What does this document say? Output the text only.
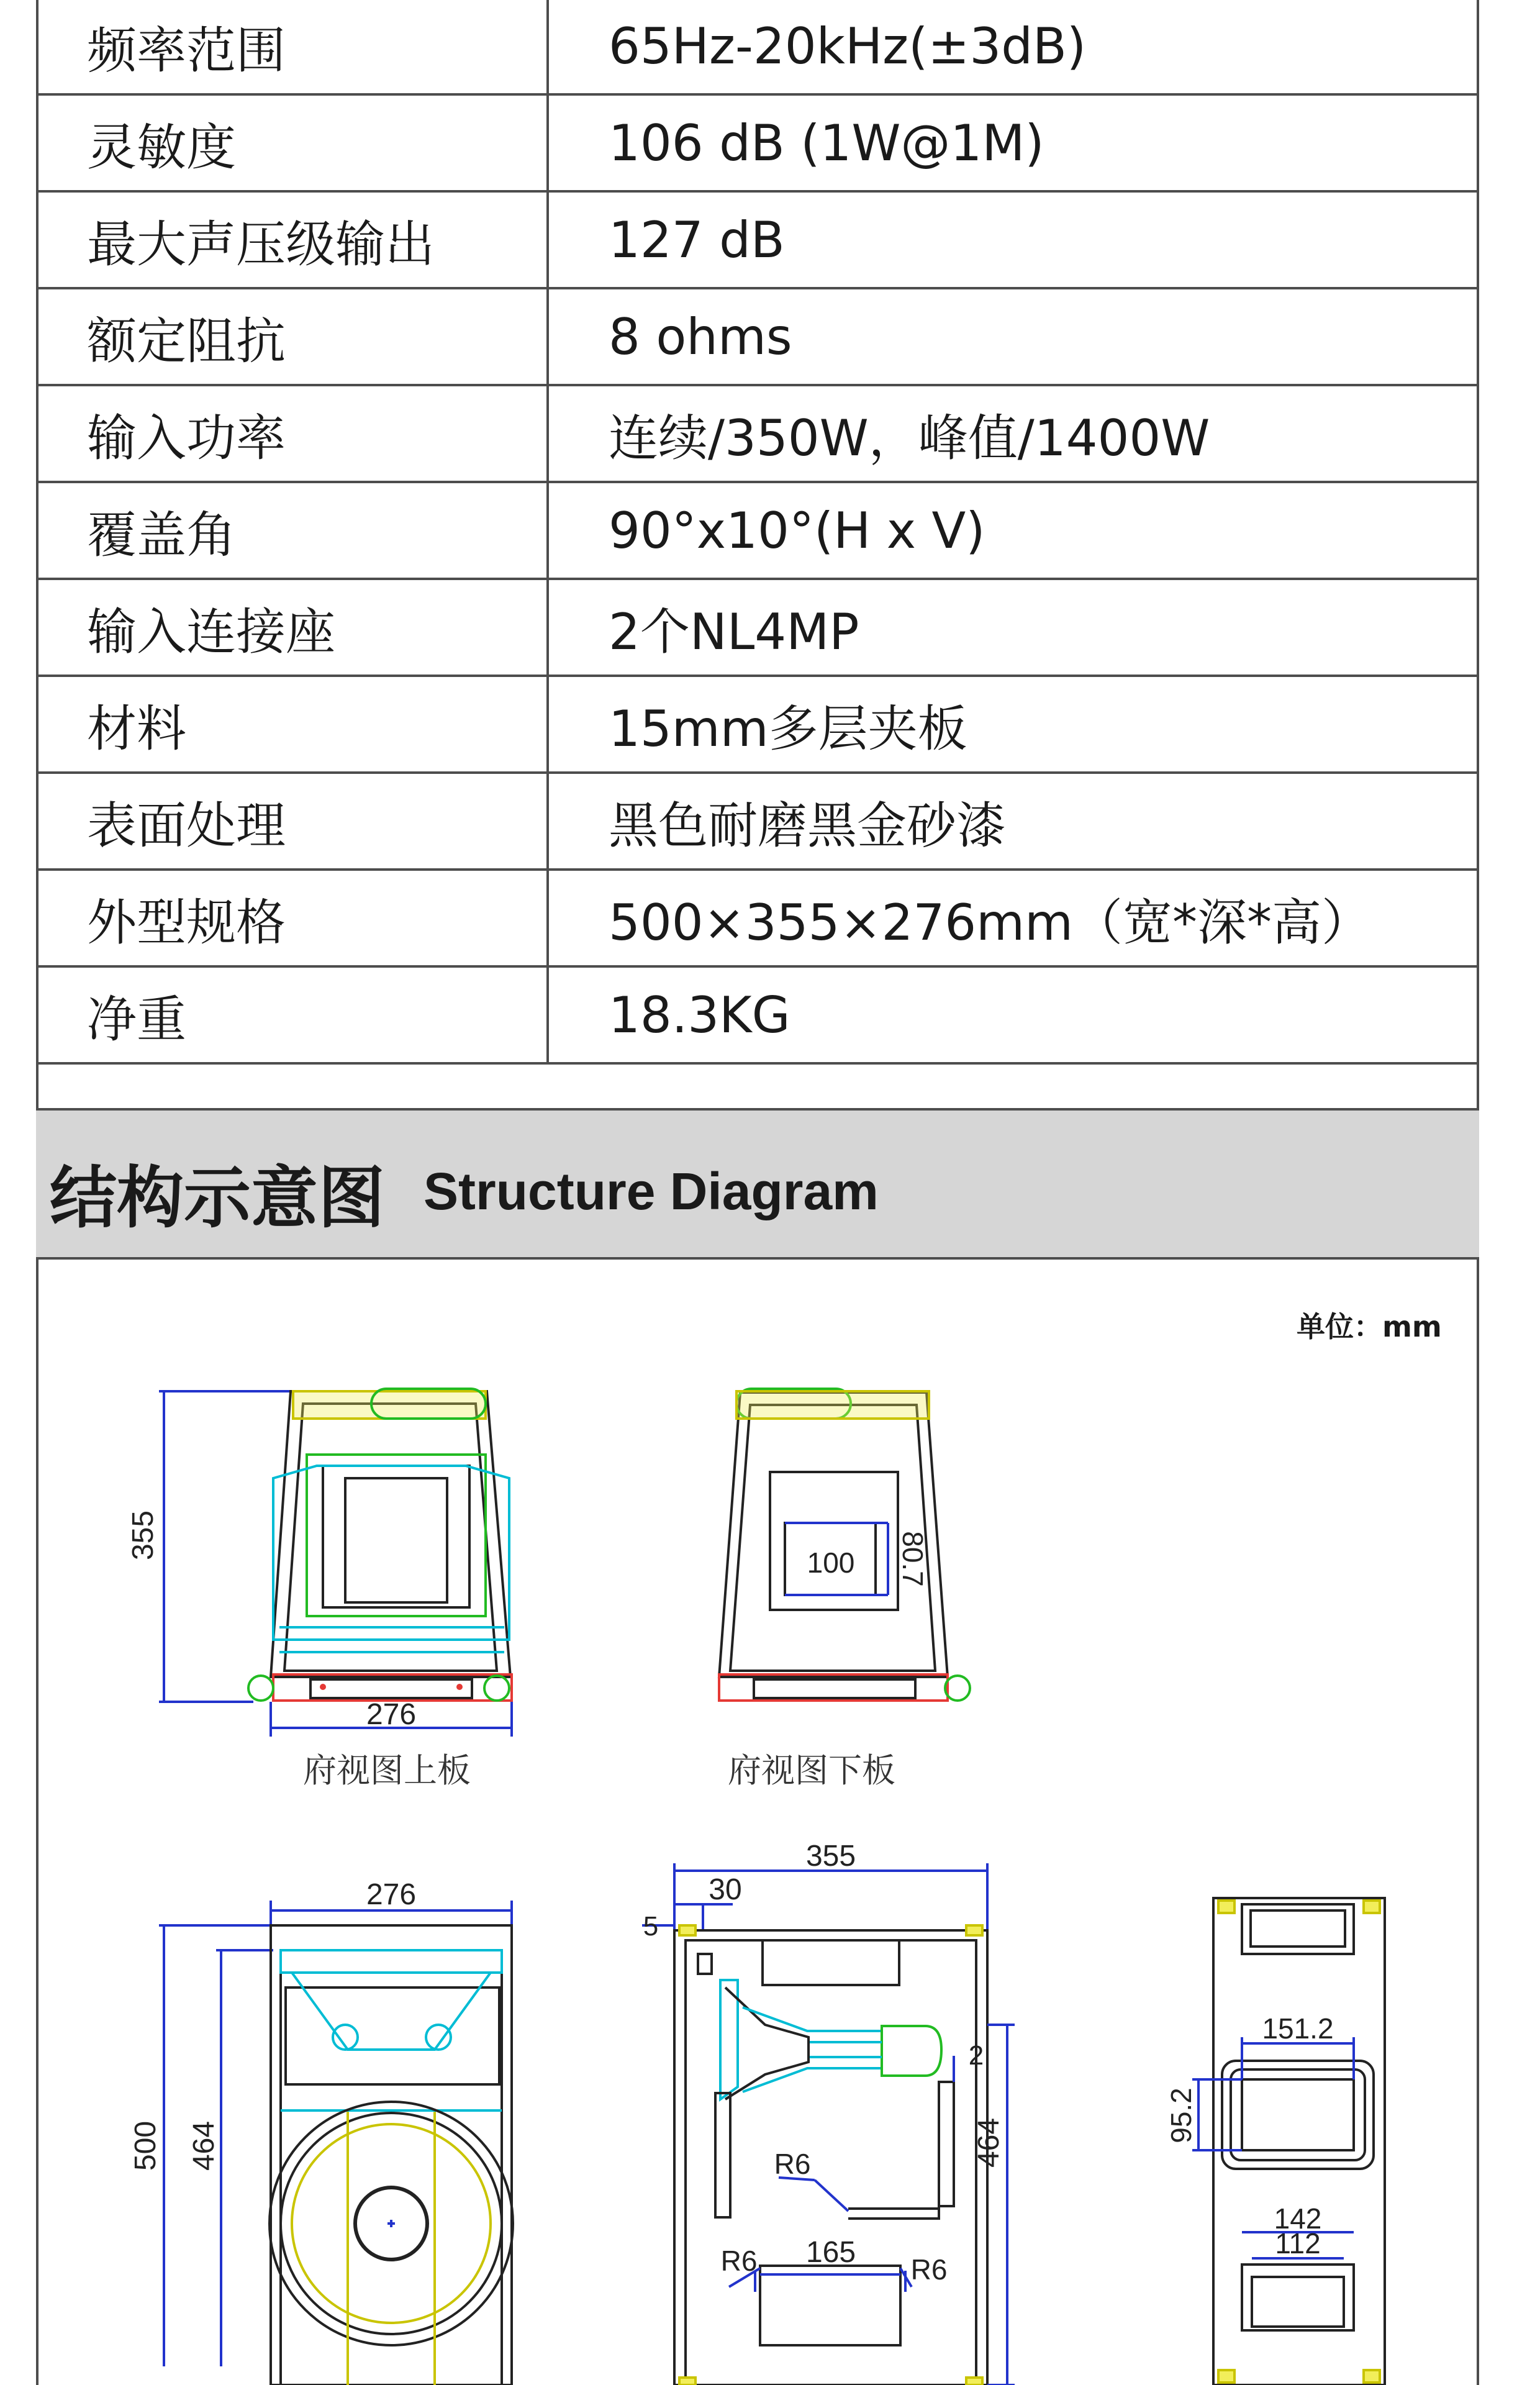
频率范围	65Hz-20kHz(±3dB)
灵敏度	106 dB (1W@1M)
最大声压级输出	127 dB
额定阻抗	8 ohms
输入功率	连续/350W，峰值/1400W
覆盖角	90°x10°(H x V)
输入连接座	2个NL4MP
材料	15mm多层夹板
表面处理	黑色耐磨黑金砂漆
外型规格	500×355×276mm（宽*深*高）
净重	18.3KG
结构示意图 Structure Diagram
单位：mm
355
276
100 80.7
276
500 464
355
30
5
2
464
R6
R6	R6
165
151.2
95.2
142
112
府视图上板	府视图下板
